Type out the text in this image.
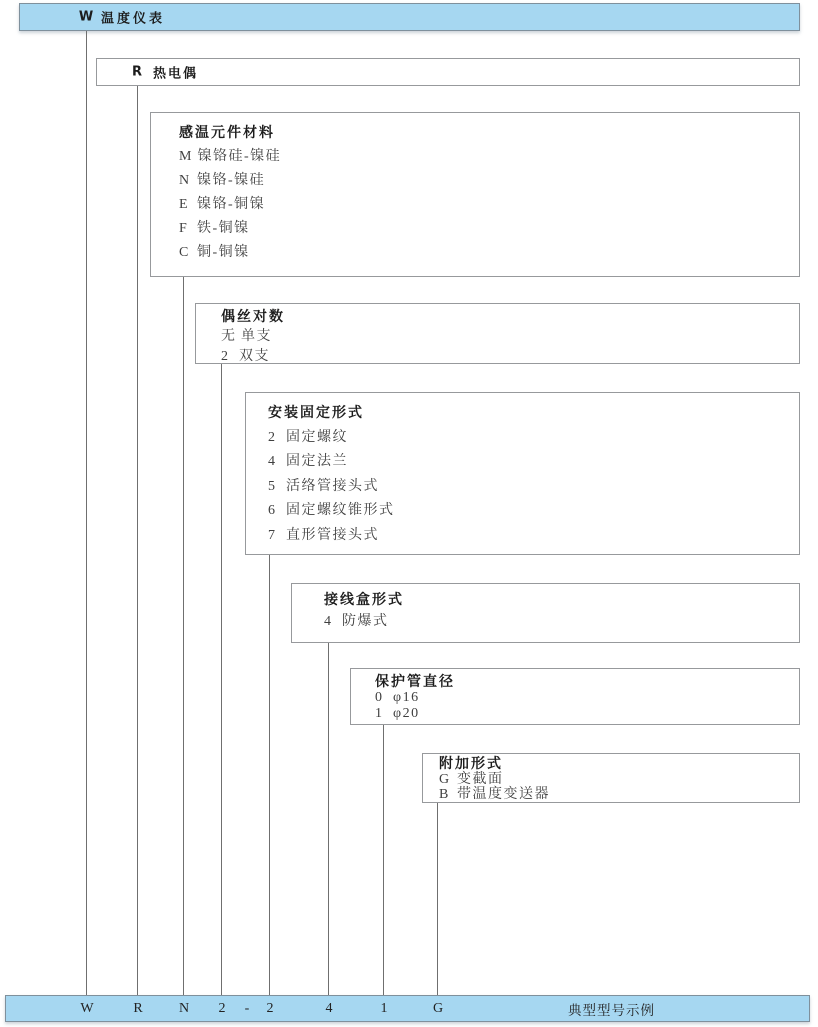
W 温度仪表
R 热电偶
感温元件材料
M 镍铬硅-镍硅
N 镍铬-镍硅
E 镍铬-铜镍
F 铁-铜镍
C 铜-铜镍
偶丝对数
无 单支
2 双支
安装固定形式
2 固定螺纹
4 固定法兰
5 活络管接头式
6 固定螺纹锥形式
7 直形管接头式
接线盒形式
4 防爆式
保护管直径
0 φ16
1 φ20
附加形式
G 变截面
B 带温度变送器
W	R	N 2 - 2	4	1	G	典型型号示例
